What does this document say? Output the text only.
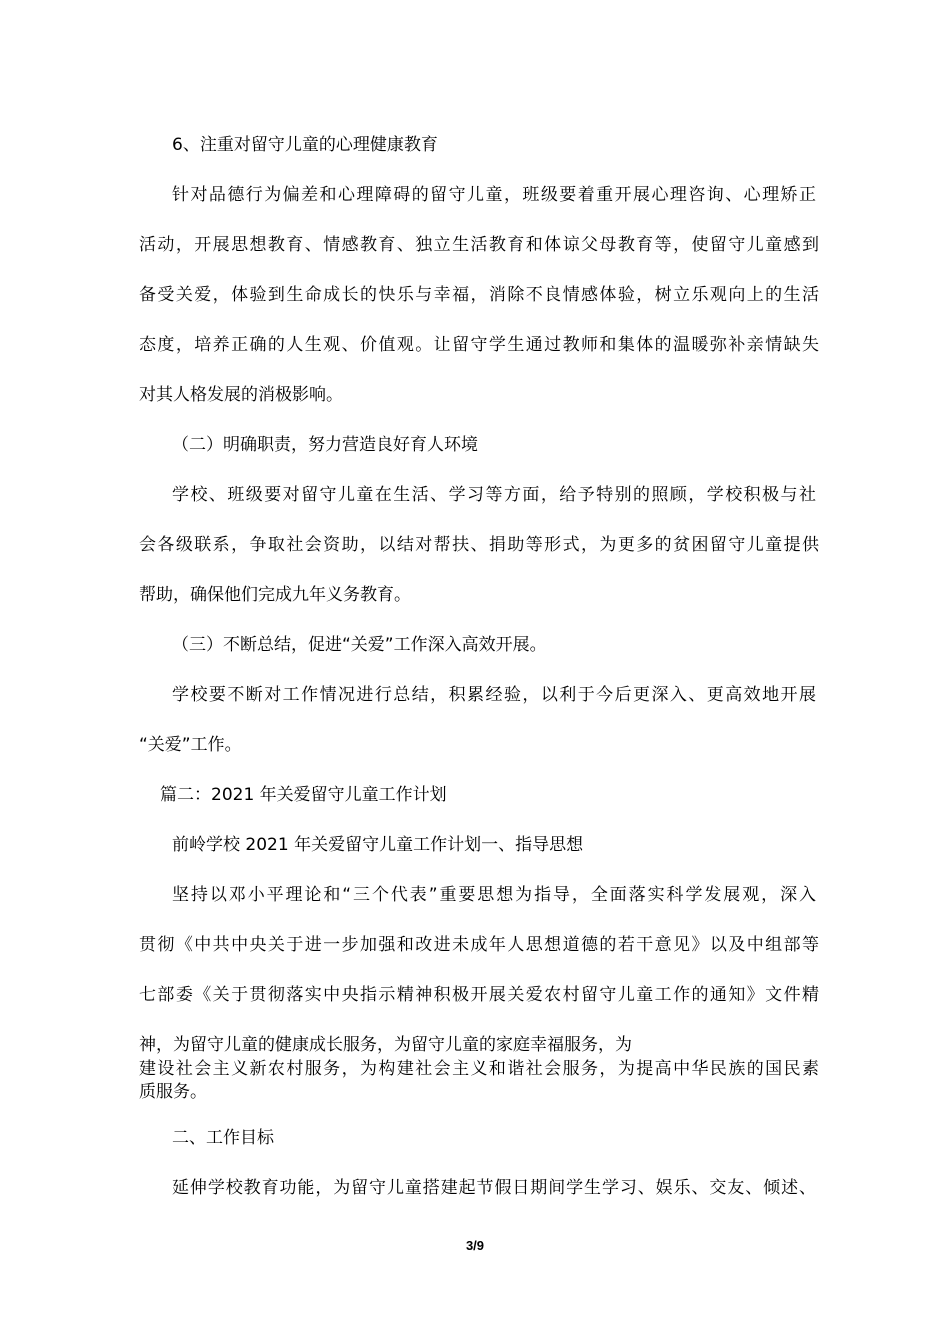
6、注重对留守儿童的心理健康教育
针对品德行为偏差和心理障碍的留守儿童，班级要着重开展心理咨询、心理矫正
活动，开展思想教育、情感教育、独立生活教育和体谅父母教育等，使留守儿童感到
备受关爱，体验到生命成长的快乐与幸福，消除不良情感体验，树立乐观向上的生活
态度，培养正确的人生观、价值观。让留守学生通过教师和集体的温暖弥补亲情缺失
对其人格发展的消极影响。
（二）明确职责，努力营造良好育人环境
学校、班级要对留守儿童在生活、学习等方面，给予特别的照顾，学校积极与社
会各级联系，争取社会资助，以结对帮扶、捐助等形式，为更多的贫困留守儿童提供
帮助，确保他们完成九年义务教育。
（三）不断总结，促进“关爱”工作深入高效开展。
学校要不断对工作情况进行总结，积累经验，以利于今后更深入、更高效地开展
“关爱”工作。
篇二：2021 年关爱留守儿童工作计划
前岭学校 2021 年关爱留守儿童工作计划一、指导思想
坚持以邓小平理论和“三个代表”重要思想为指导，全面落实科学发展观，深入
贯彻《中共中央关于进一步加强和改进未成年人思想道德的若干意见》以及中组部等
七部委《关于贯彻落实中央指示精神积极开展关爱农村留守儿童工作的通知》文件精
神，为留守儿童的健康成长服务，为留守儿童的家庭幸福服务，为
建设社会主义新农村服务，为构建社会主义和谐社会服务，为提高中华民族的国民素
质服务。
二、工作目标
延伸学校教育功能，为留守儿童搭建起节假日期间学生学习、娱乐、交友、倾述、
3/9
